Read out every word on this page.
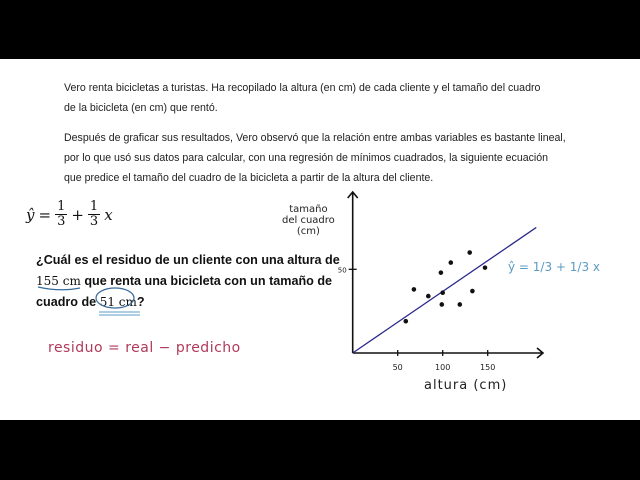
Vero renta bicicletas a turistas. Ha recopilado la altura (en cm) de cada cliente y el tamaño del cuadro
de la bicicleta (en cm) que rentó.
Después de graficar sus resultados, Vero observó que la relación entre ambas variables es bastante lineal,
por lo que usó sus datos para calcular, con una regresión de mínimos cuadrados, la siguiente ecuación
que predice el tamaño del cuadro de la bicicleta a partir de la altura del cliente.
ŷ = $\frac{1}{3} + \frac{1}{3}$ x
¿Cuál es el residuo de un cliente con una altura de
155 cm que renta una bicicleta con un tamaño de
cuadro de 51 cm?
residuo = real − predicho
50	100	150
50
tamaño
del cuadro
(cm)
altura (cm)
ŷ = 1/3 + 1/3 x
